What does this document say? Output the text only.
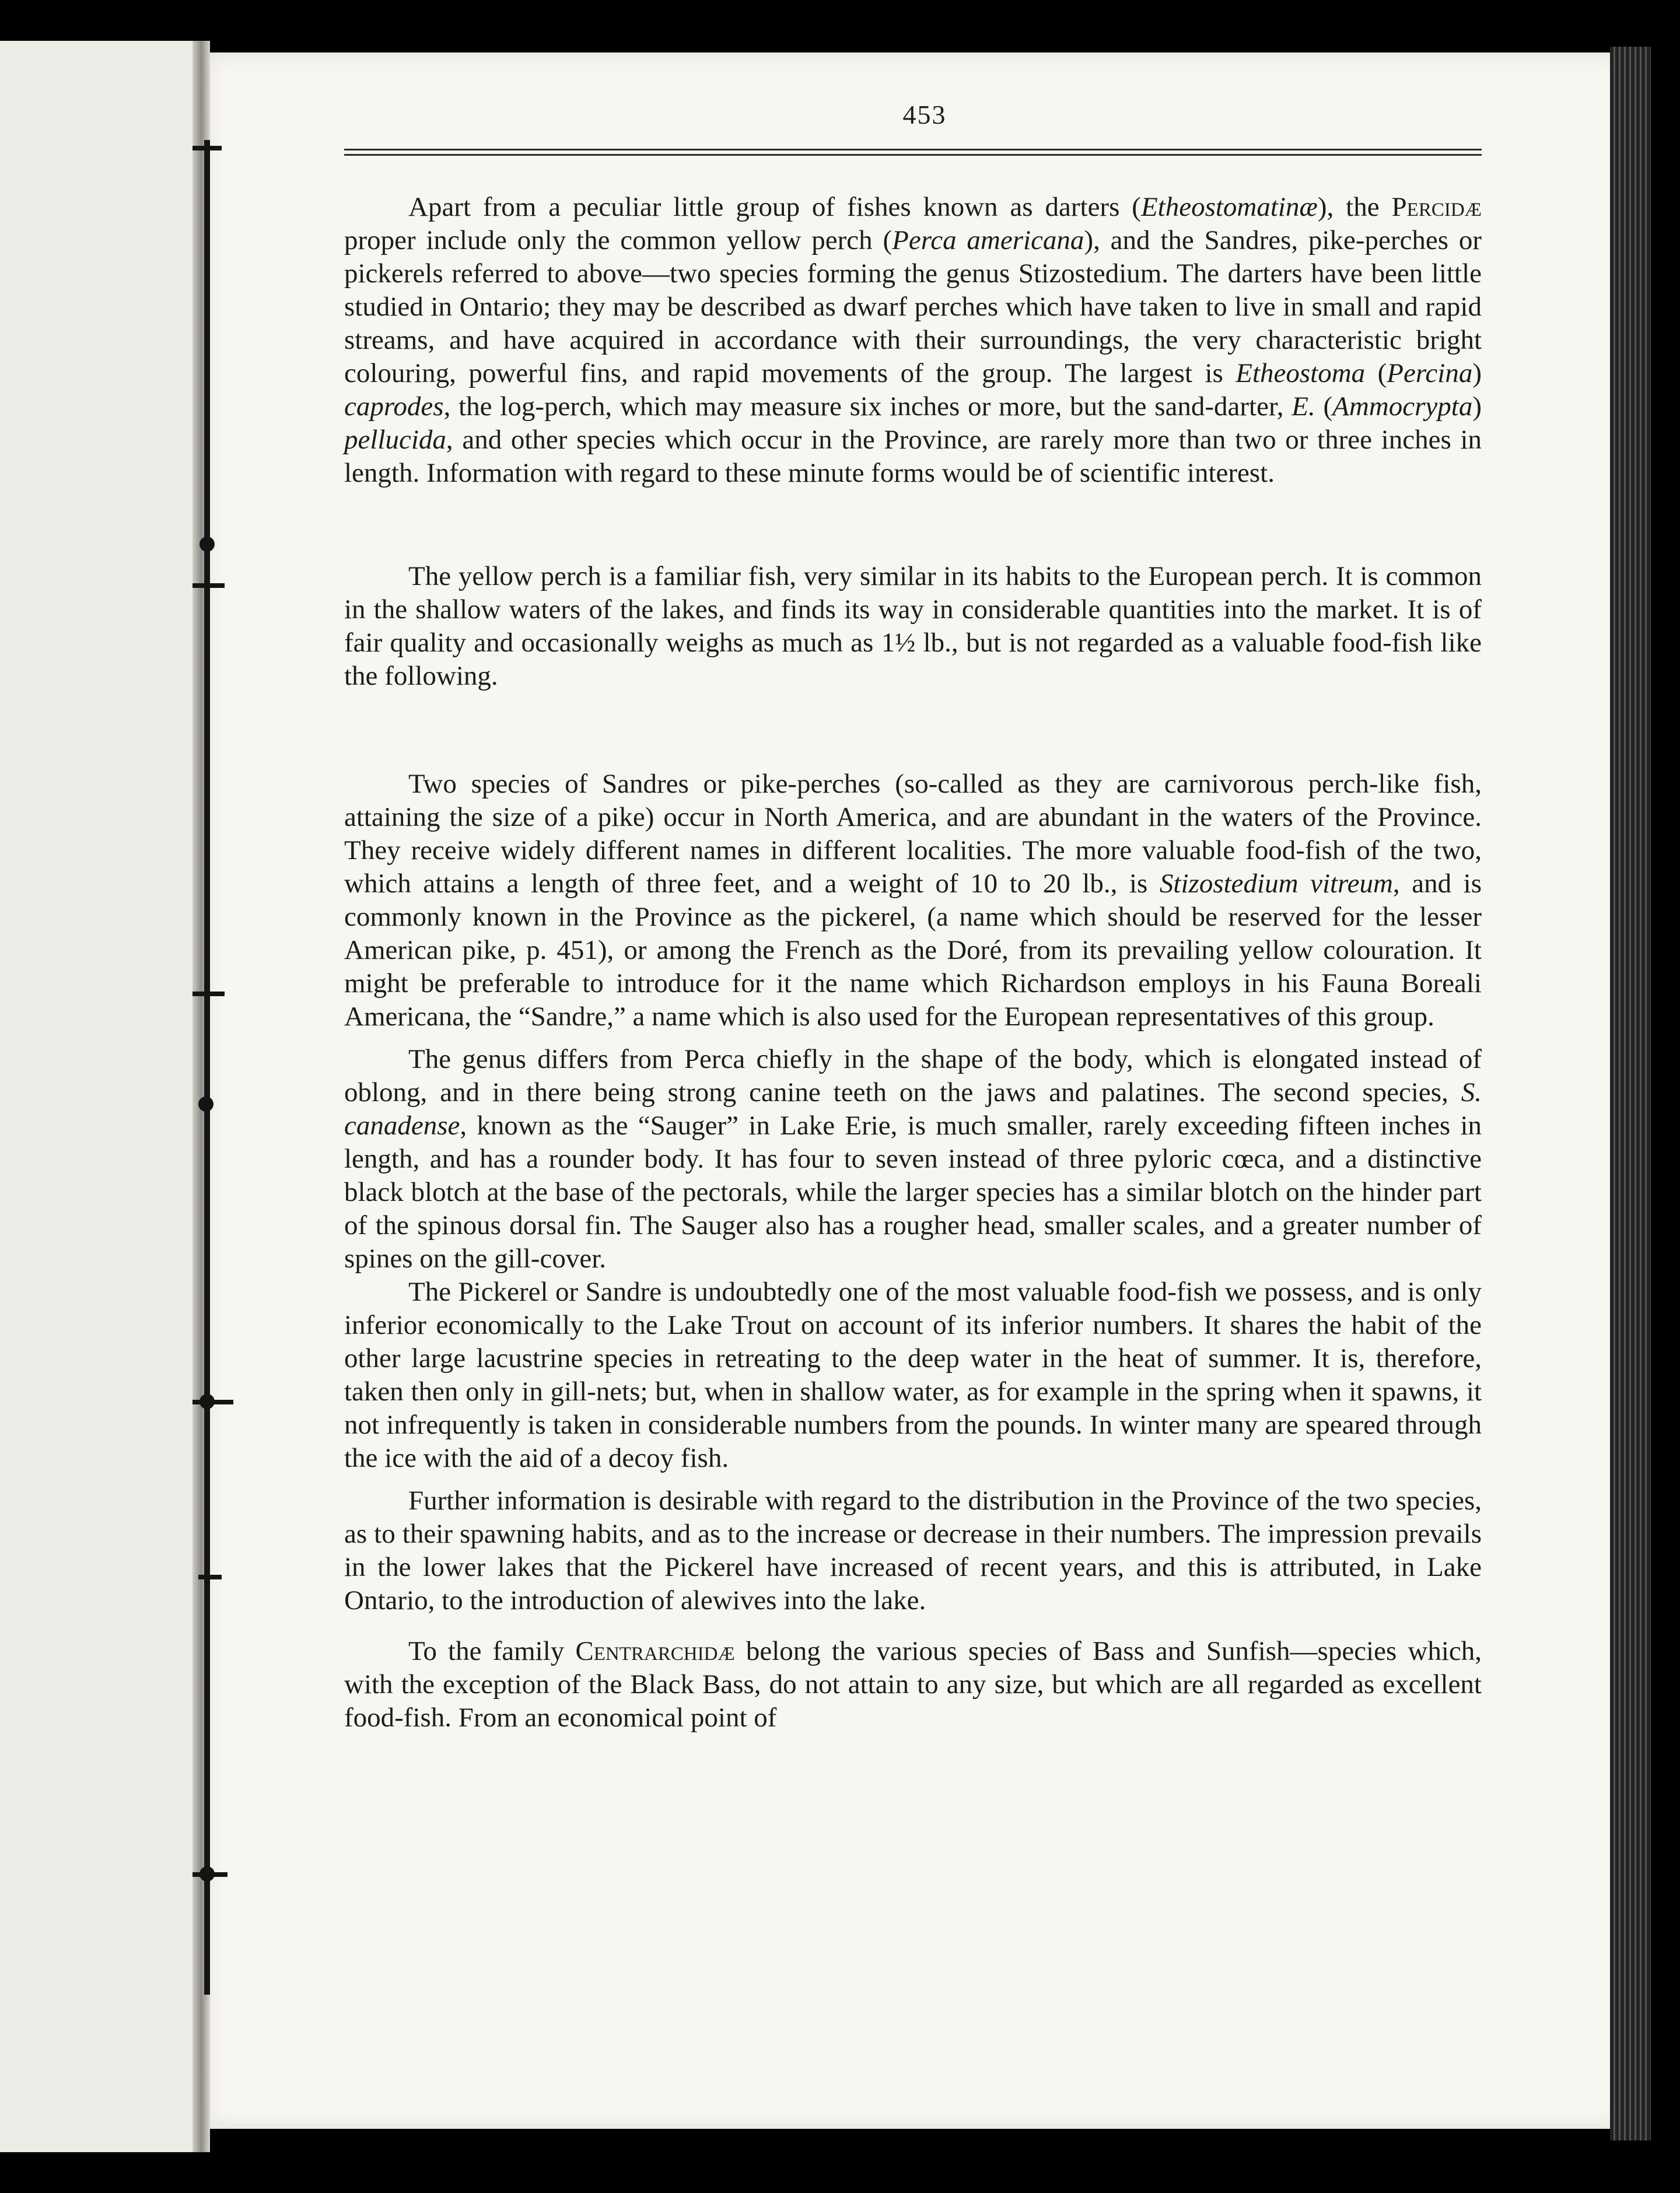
453

Apart from a peculiar little group of fishes known as darters (Etheostomatinæ), the Percidæ proper include only the common yellow perch (Perca americana), and the Sandres, pike-perches or pickerels referred to above—two species forming the genus Stizostedium. The darters have been little studied in Ontario; they may be described as dwarf perches which have taken to live in small and rapid streams, and have acquired in accordance with their surroundings, the very characteristic bright colouring, powerful fins, and rapid movements of the group. The largest is Etheostoma (Percina) caprodes, the log-perch, which may measure six inches or more, but the sand-darter, E. (Ammocrypta) pellucida, and other species which occur in the Province, are rarely more than two or three inches in length. Information with regard to these minute forms would be of scientific interest.

The yellow perch is a familiar fish, very similar in its habits to the European perch. It is common in the shallow waters of the lakes, and finds its way in considerable quantities into the market. It is of fair quality and occasionally weighs as much as 1½ lb., but is not regarded as a valuable food-fish like the following.

Two species of Sandres or pike-perches (so-called as they are carnivorous perch-like fish, attaining the size of a pike) occur in North America, and are abundant in the waters of the Province. They receive widely different names in different localities. The more valuable food-fish of the two, which attains a length of three feet, and a weight of 10 to 20 lb., is Stizostedium vitreum, and is commonly known in the Province as the pickerel, (a name which should be reserved for the lesser American pike, p. 451), or among the French as the Doré, from its prevailing yellow colouration. It might be preferable to introduce for it the name which Richardson employs in his Fauna Boreali Americana, the “Sandre,” a name which is also used for the European representatives of this group.

The genus differs from Perca chiefly in the shape of the body, which is elongated instead of oblong, and in there being strong canine teeth on the jaws and palatines. The second species, S. canadense, known as the “Sauger” in Lake Erie, is much smaller, rarely exceeding fifteen inches in length, and has a rounder body. It has four to seven instead of three pyloric cœca, and a distinctive black blotch at the base of the pectorals, while the larger species has a similar blotch on the hinder part of the spinous dorsal fin. The Sauger also has a rougher head, smaller scales, and a greater number of spines on the gill-cover.

The Pickerel or Sandre is undoubtedly one of the most valuable food-fish we possess, and is only inferior economically to the Lake Trout on account of its inferior numbers. It shares the habit of the other large lacustrine species in retreating to the deep water in the heat of summer. It is, therefore, taken then only in gill-nets; but, when in shallow water, as for example in the spring when it spawns, it not infrequently is taken in considerable numbers from the pounds. In winter many are speared through the ice with the aid of a decoy fish.

Further information is desirable with regard to the distribution in the Province of the two species, as to their spawning habits, and as to the increase or decrease in their numbers. The impression prevails in the lower lakes that the Pickerel have increased of recent years, and this is attributed, in Lake Ontario, to the introduction of alewives into the lake.

To the family Centrarchidæ belong the various species of Bass and Sunfish—species which, with the exception of the Black Bass, do not attain to any size, but which are all regarded as excellent food-fish. From an economical point of
